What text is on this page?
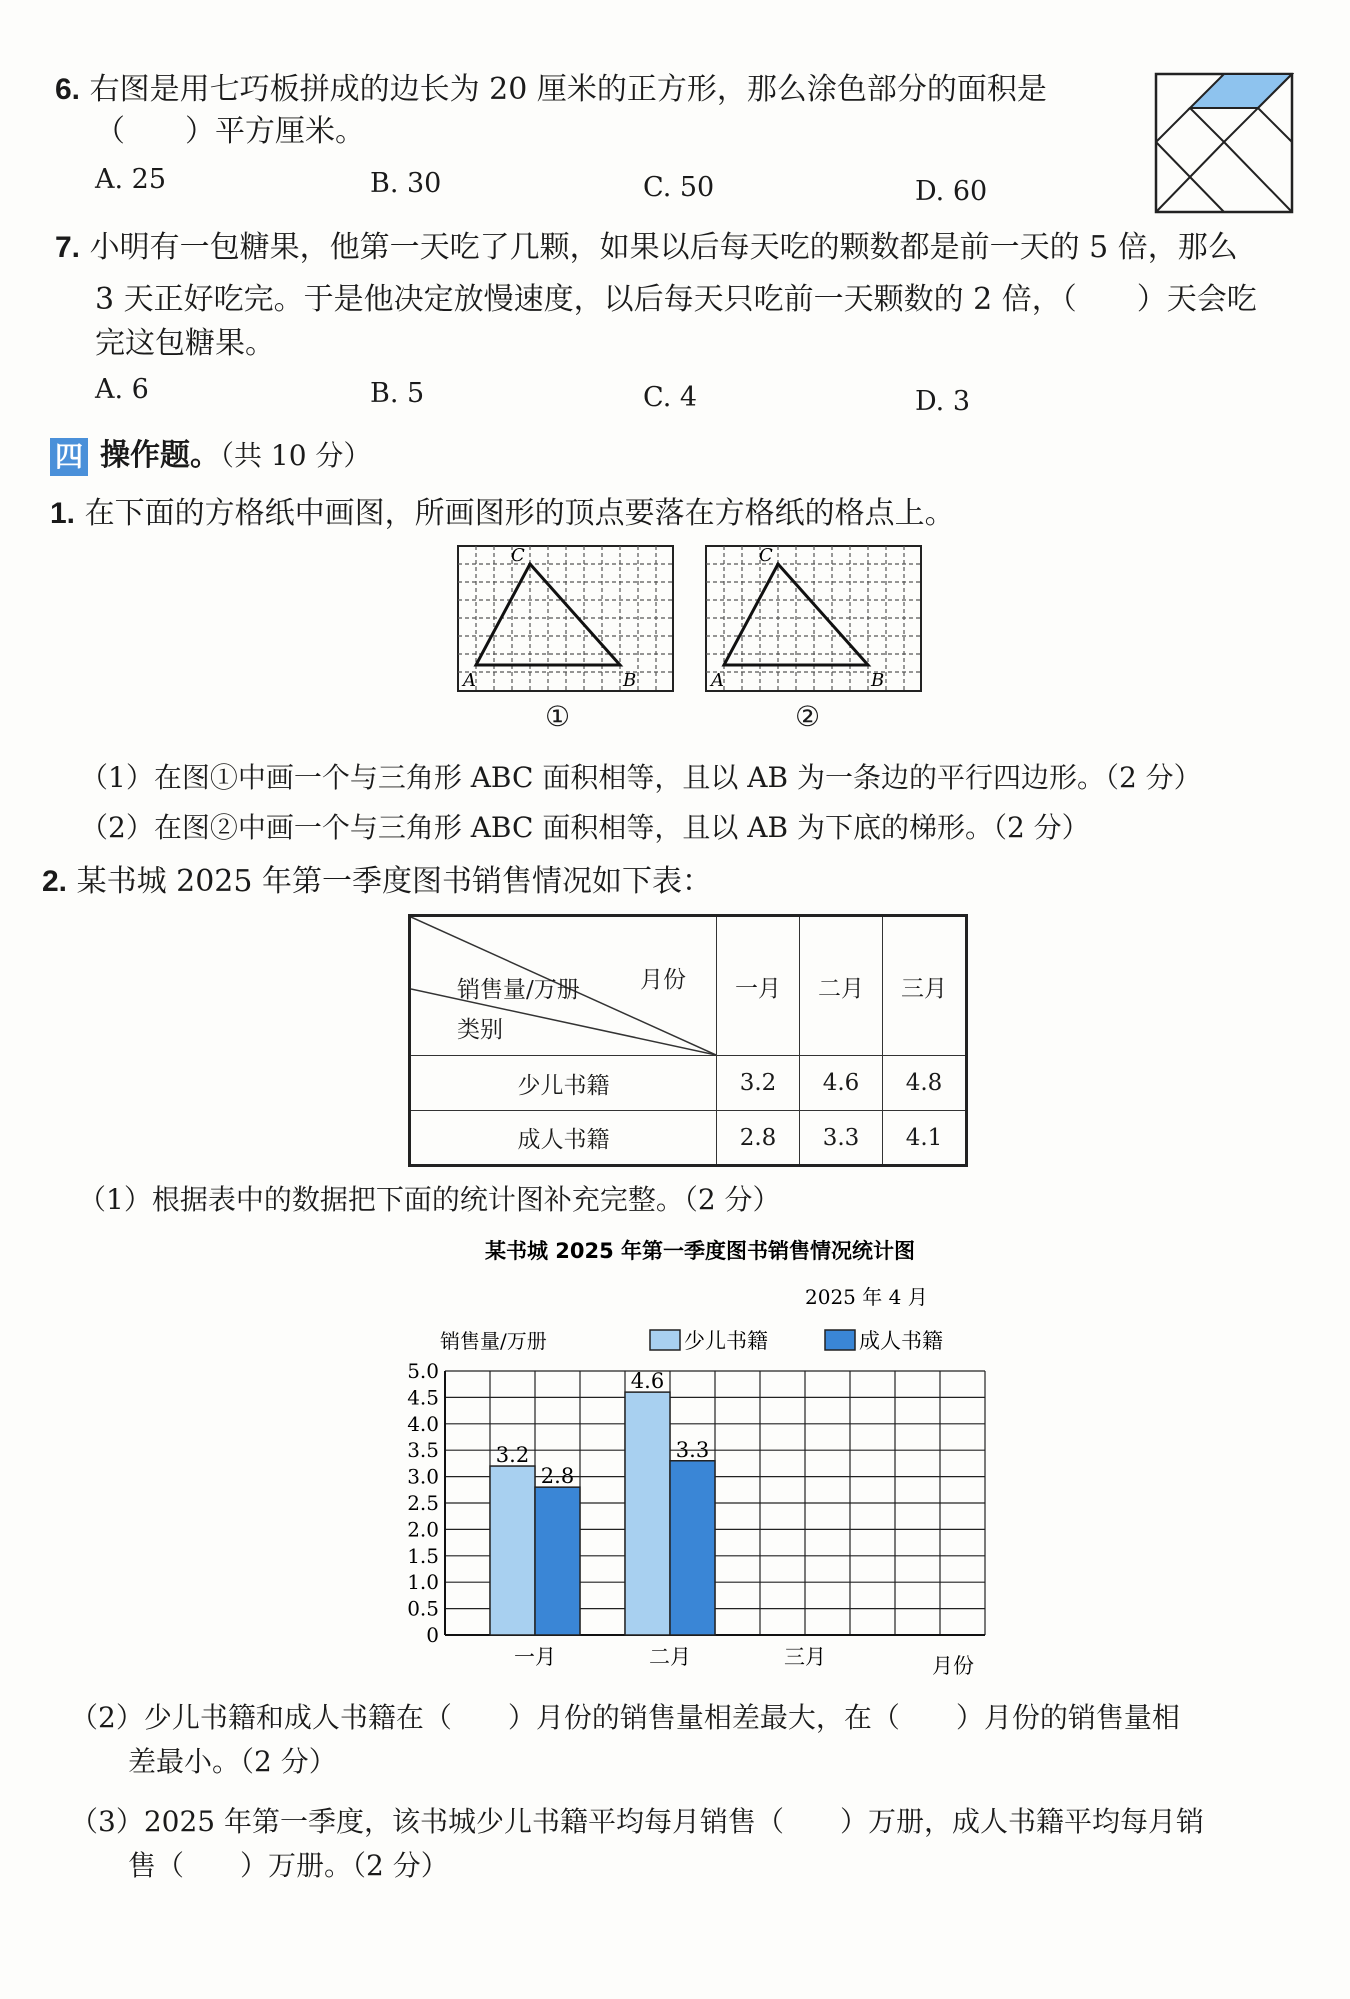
6. 右图是用七巧板拼成的边长为 20 厘米的正方形，那么涂色部分的面积是
（　　）平方厘米。
A. 25	B. 30	C. 50	D. 60
7. 小明有一包糖果，他第一天吃了几颗，如果以后每天吃的颗数都是前一天的 5 倍，那么
3 天正好吃完。于是他决定放慢速度，以后每天只吃前一天颗数的 2 倍，（　　）天会吃
完这包糖果。
A. 6	B. 5	C. 4	D. 3
四 操作题。（共 10 分）
1. 在下面的方格纸中画图，所画图形的顶点要落在方格纸的格点上。
A	B
C
①
A	B
C
②
（1）在图①中画一个与三角形 ABC 面积相等，且以 AB 为一条边的平行四边形。（2 分）
（2）在图②中画一个与三角形 ABC 面积相等，且以 AB 为下底的梯形。（2 分）
2. 某书城 2025 年第一季度图书销售情况如下表：
月份
销售量/万册
类别	一月	二月	三月
少儿书籍	3.2	4.6	4.8
成人书籍	2.8	3.3	4.1
（1）根据表中的数据把下面的统计图补充完整。（2 分）
某书城 2025 年第一季度图书销售情况统计图
2025 年 4 月
销售量/万册	少儿书籍	成人书籍
3.2
2.8
4.6
3.3
0
0.5
1.0
1.5
2.0
2.5
3.0
3.5
4.0
4.5
5.0
一月	二月	三月	月份
（2）少儿书籍和成人书籍在（　　）月份的销售量相差最大，在（　　）月份的销售量相
差最小。（2 分）
（3）2025 年第一季度，该书城少儿书籍平均每月销售（　　）万册，成人书籍平均每月销
售（　　）万册。（2 分）
